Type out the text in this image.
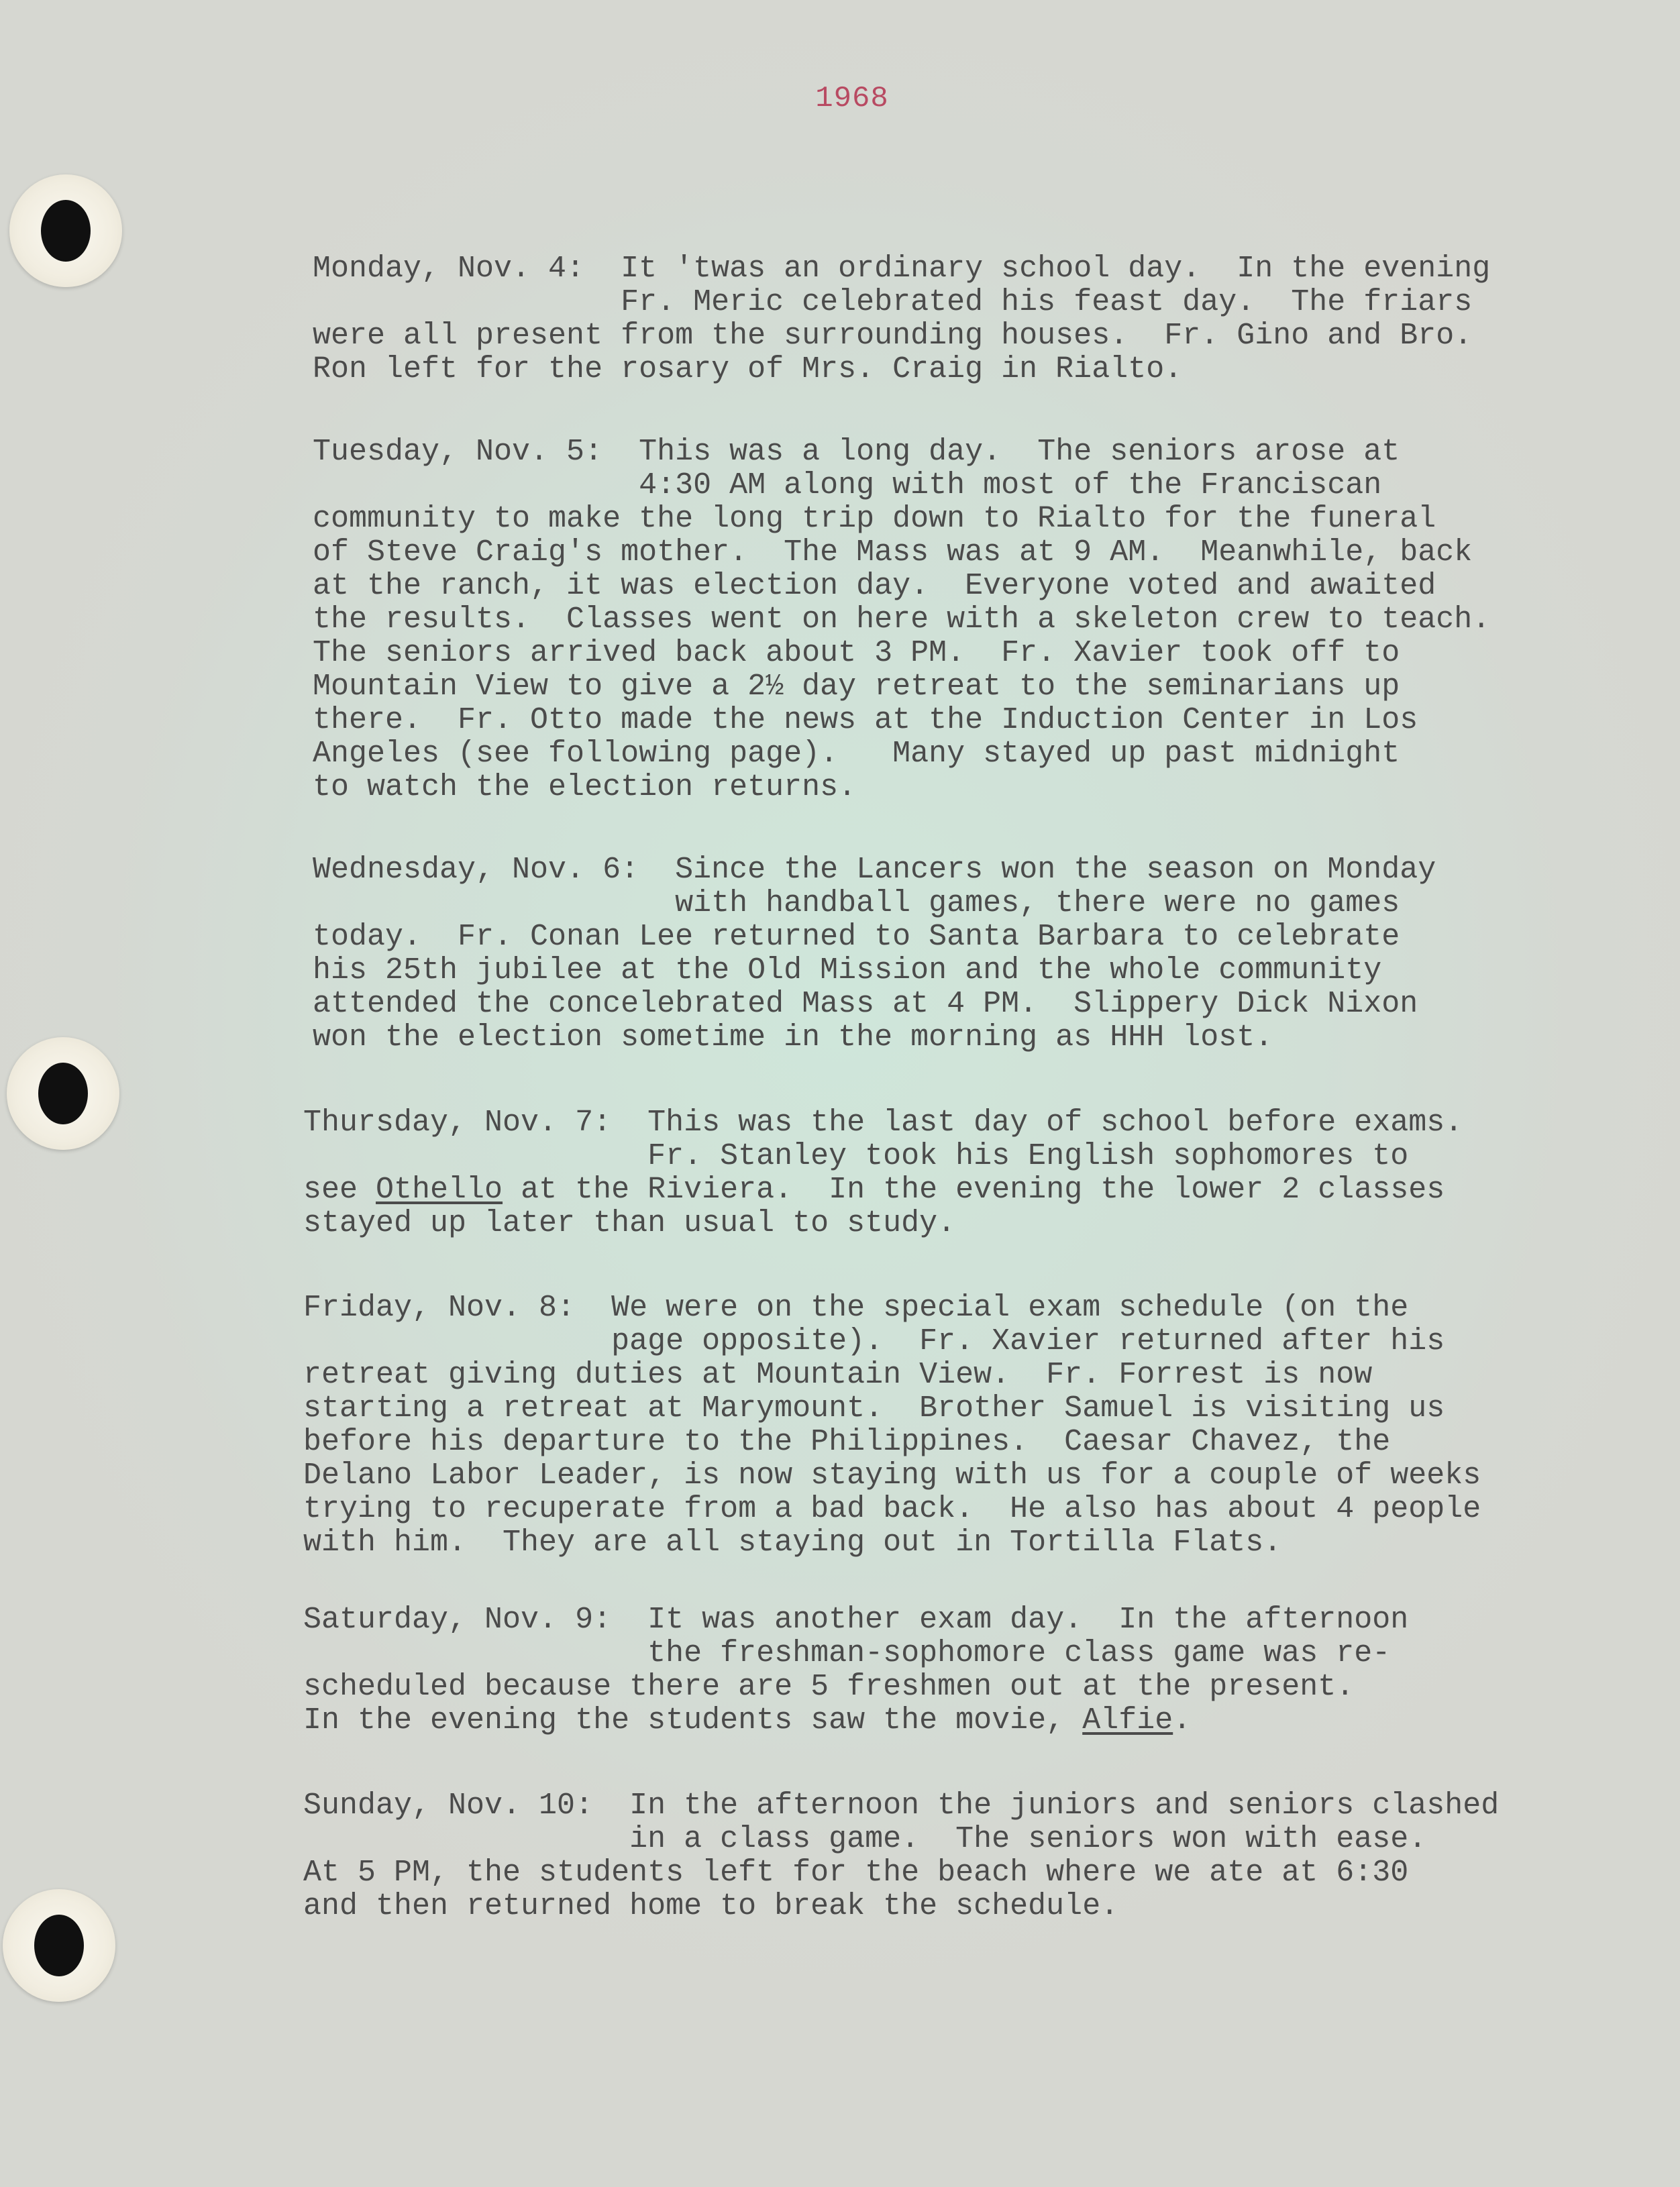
1968
Monday, Nov. 4: It 'twas an ordinary school day.  In the evening
Fr. Meric celebrated his feast day.  The friars
were all present from the surrounding houses.  Fr. Gino and Bro.
Ron left for the rosary of Mrs. Craig in Rialto.
Tuesday, Nov. 5: This was a long day.  The seniors arose at
4:30 AM along with most of the Franciscan
community to make the long trip down to Rialto for the funeral
of Steve Craig's mother.  The Mass was at 9 AM.  Meanwhile, back
at the ranch, it was election day.  Everyone voted and awaited
the results.  Classes went on here with a skeleton crew to teach.
The seniors arrived back about 3 PM.  Fr. Xavier took off to
Mountain View to give a 2½ day retreat to the seminarians up
there.  Fr. Otto made the news at the Induction Center in Los
Angeles (see following page).   Many stayed up past midnight
to watch the election returns.
Wednesday, Nov. 6: Since the Lancers won the season on Monday
with handball games, there were no games
today.  Fr. Conan Lee returned to Santa Barbara to celebrate
his 25th jubilee at the Old Mission and the whole community
attended the concelebrated Mass at 4 PM.  Slippery Dick Nixon
won the election sometime in the morning as HHH lost.
Thursday, Nov. 7: This was the last day of school before exams.
Fr. Stanley took his English sophomores to
see Othello at the Riviera.  In the evening the lower 2 classes
stayed up later than usual to study.
Friday, Nov. 8: We were on the special exam schedule (on the
page opposite).  Fr. Xavier returned after his
retreat giving duties at Mountain View.  Fr. Forrest is now
starting a retreat at Marymount.  Brother Samuel is visiting us
before his departure to the Philippines.  Caesar Chavez, the
Delano Labor Leader, is now staying with us for a couple of weeks
trying to recuperate from a bad back.  He also has about 4 people
with him.  They are all staying out in Tortilla Flats.
Saturday, Nov. 9: It was another exam day.  In the afternoon
the freshman-sophomore class game was re-
scheduled because there are 5 freshmen out at the present.
In the evening the students saw the movie, Alfie.
Sunday, Nov. 10: In the afternoon the juniors and seniors clashed
in a class game.  The seniors won with ease.
At 5 PM, the students left for the beach where we ate at 6:30
and then returned home to break the schedule.
